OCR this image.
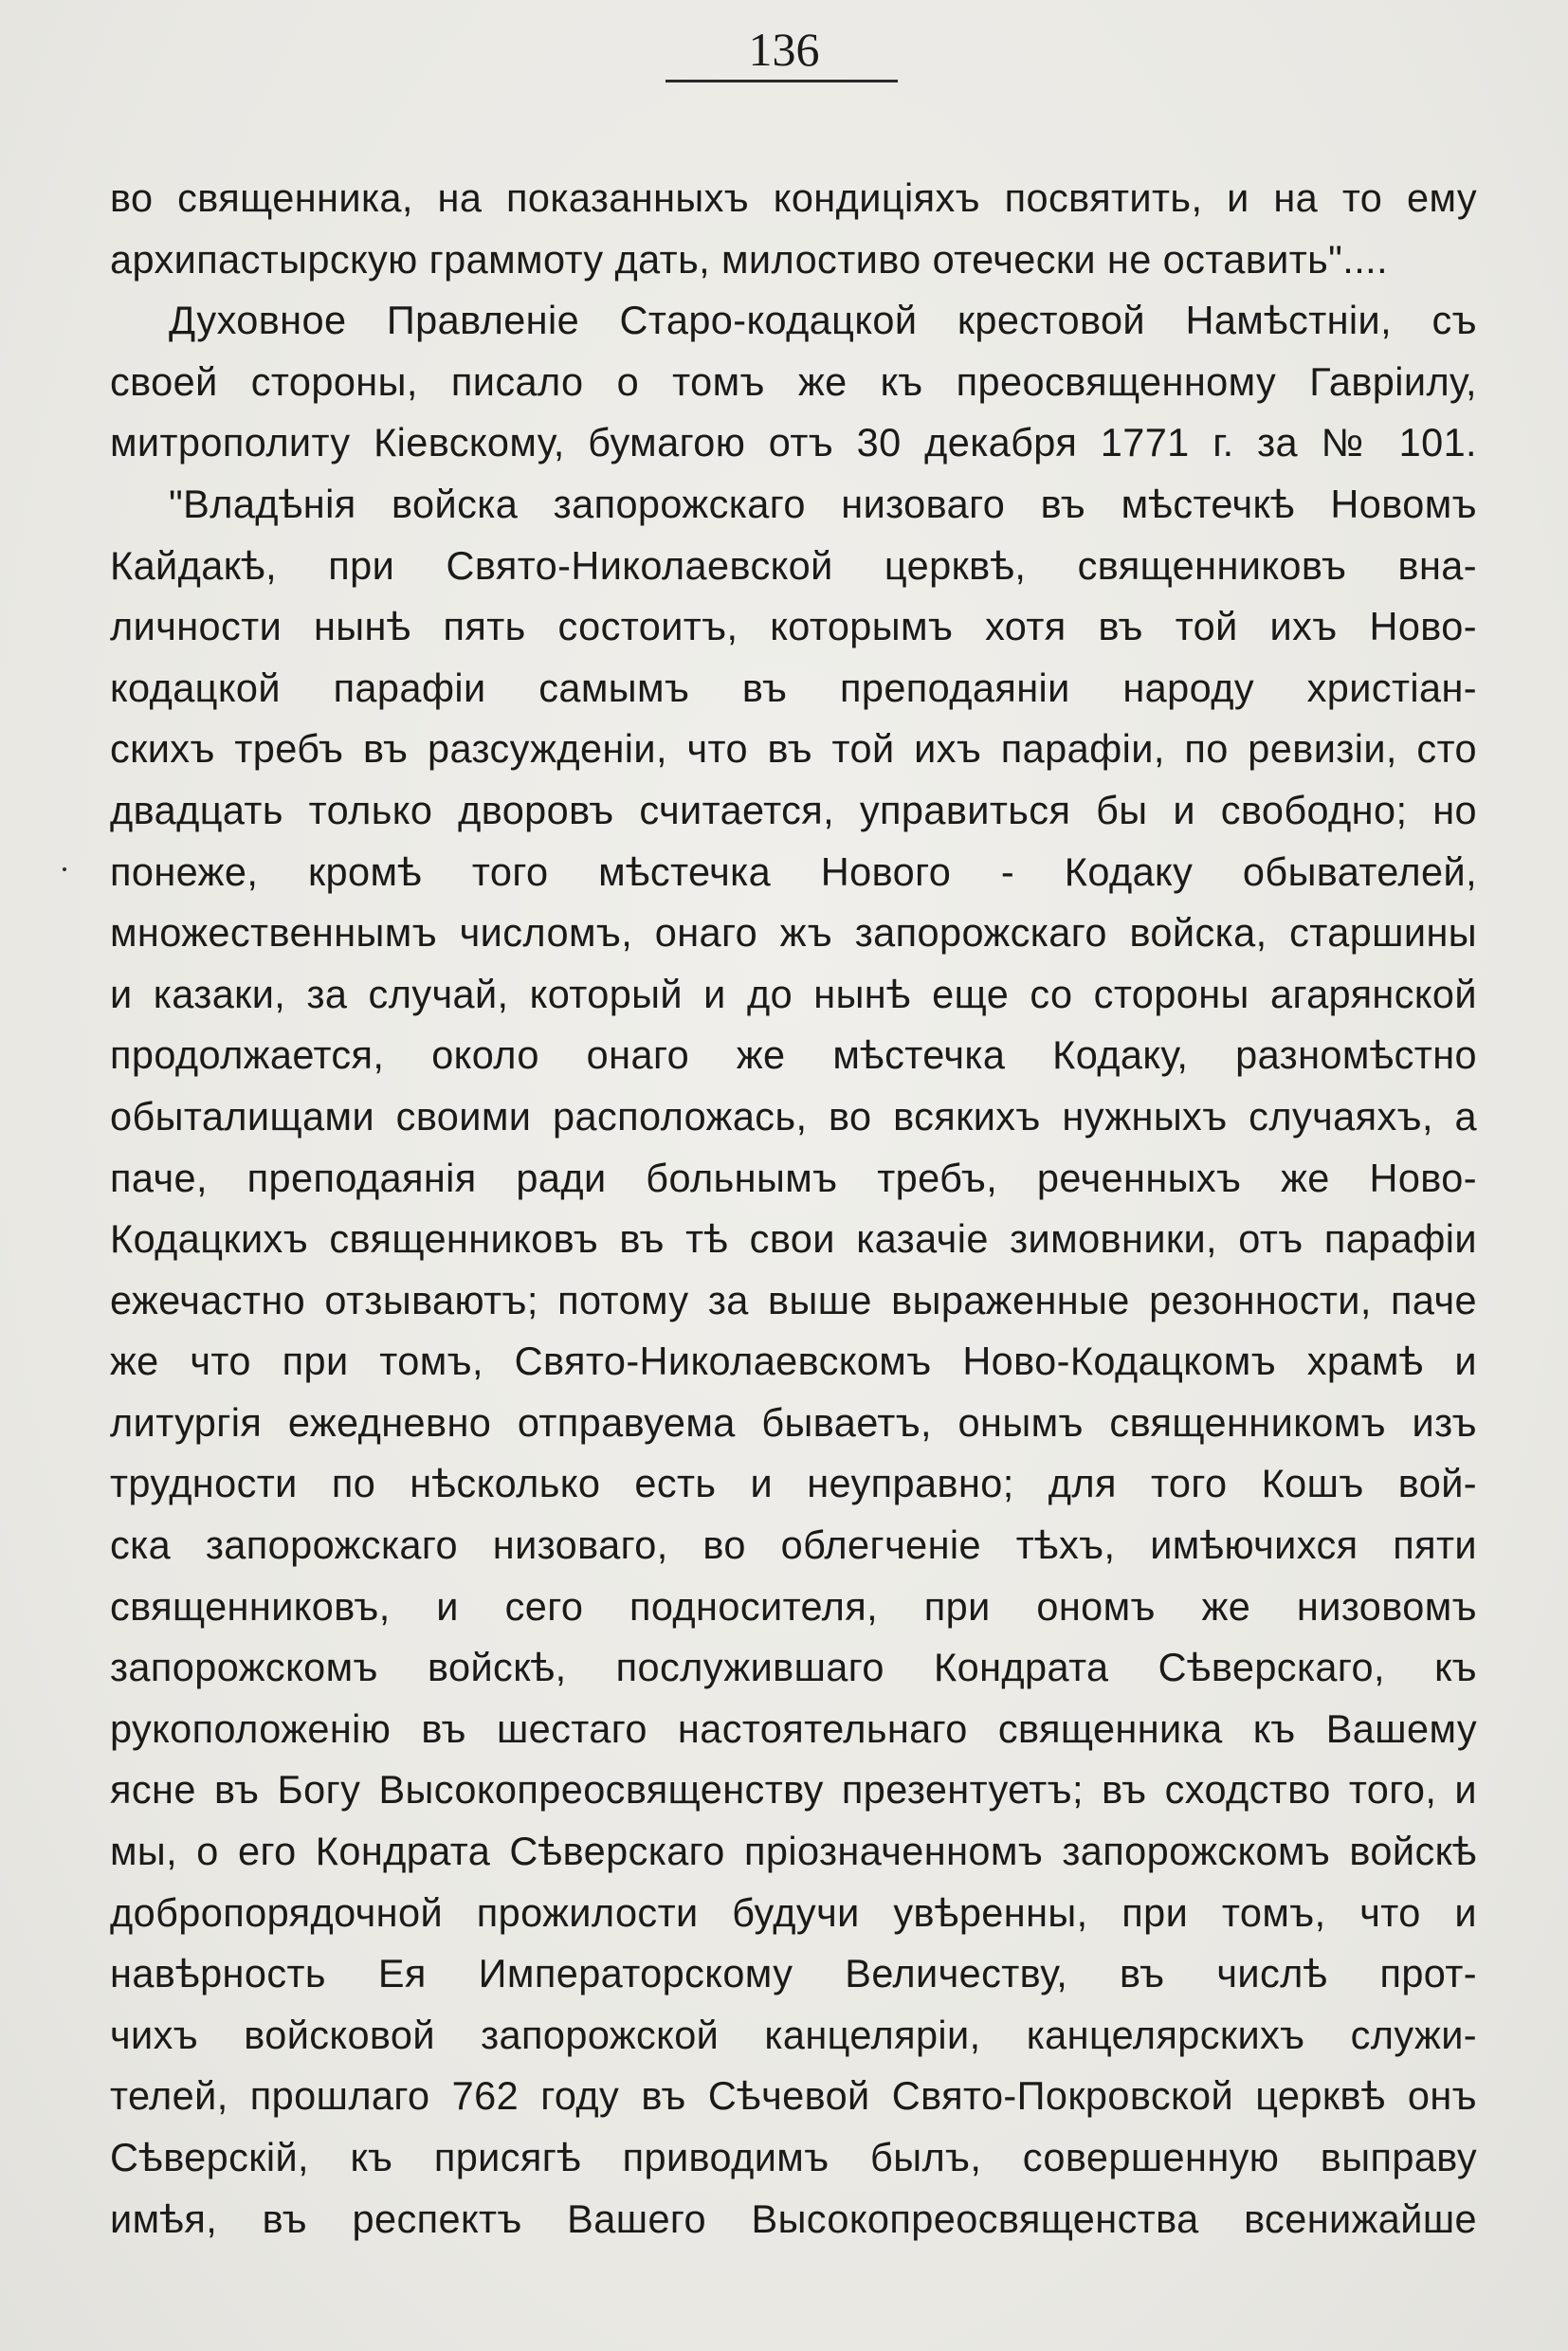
136
во священника, на показанныхъ кондиціяхъ посвятить, и на то ему
архипастырскую граммоту дать, милостиво отечески не оставить"....
Духовное Правленіе Старо-кодацкой крестовой Намѣстніи, съ
своей стороны, писало о томъ же къ преосвященному Гавріилу,
митрополиту Кіевскому, бумагою отъ 30 декабря 1771 г. за № 101.
"Владѣнія войска запорожскаго низоваго въ мѣстечкѣ Новомъ
Кайдакѣ, при Свято-Николаевской церквѣ, священниковъ вна-
личности нынѣ пять состоитъ, которымъ хотя въ той ихъ Ново-
кодацкой парафіи самымъ въ преподаяніи народу христіан-
скихъ требъ въ разсужденіи, что въ той ихъ парафіи, по ревизіи, сто
двадцать только дворовъ считается, управиться бы и свободно; но
понеже, кромѣ того мѣстечка Нового - Кодаку обывателей,
множественнымъ числомъ, онаго жъ запорожскаго войска, старшины
и казаки, за случай, который и до нынѣ еще со стороны агарянской
продолжается, около онаго же мѣстечка Кодаку, разномѣстно
обыталищами своими расположась, во всякихъ нужныхъ случаяхъ, а
паче, преподаянія ради больнымъ требъ, реченныхъ же Ново-
Кодацкихъ священниковъ въ тѣ свои казачіе зимовники, отъ парафіи
ежечастно отзываютъ; потому за выше выраженные резонности, паче
же что при томъ, Свято-Николаевскомъ Ново-Кодацкомъ храмѣ и
литургія ежедневно отправуема бываетъ, онымъ священникомъ изъ
трудности по нѣсколько есть и неуправно; для того Кошъ вой-
ска запорожскаго низоваго, во облегченіе тѣхъ, имѣючихся пяти
священниковъ, и сего подносителя, при ономъ же низовомъ
запорожскомъ войскѣ, послужившаго Кондрата Сѣверскаго, къ
рукоположенію въ шестаго настоятельнаго священника къ Вашему
ясне въ Богу Высокопреосвященству презентуетъ; въ сходство того, и
мы, о его Кондрата Сѣверскаго пріозначенномъ запорожскомъ войскѣ
добропорядочной прожилости будучи увѣренны, при томъ, что и
навѣрность Ея Императорскому Величеству, въ числѣ прот-
чихъ войсковой запорожской канцеляріи, канцелярскихъ служи-
телей, прошлаго 762 году въ Сѣчевой Свято-Покровской церквѣ онъ
Сѣверскій, къ присягѣ приводимъ былъ, совершенную выправу
имѣя, въ респектъ Вашего Высокопреосвященства всенижайше
